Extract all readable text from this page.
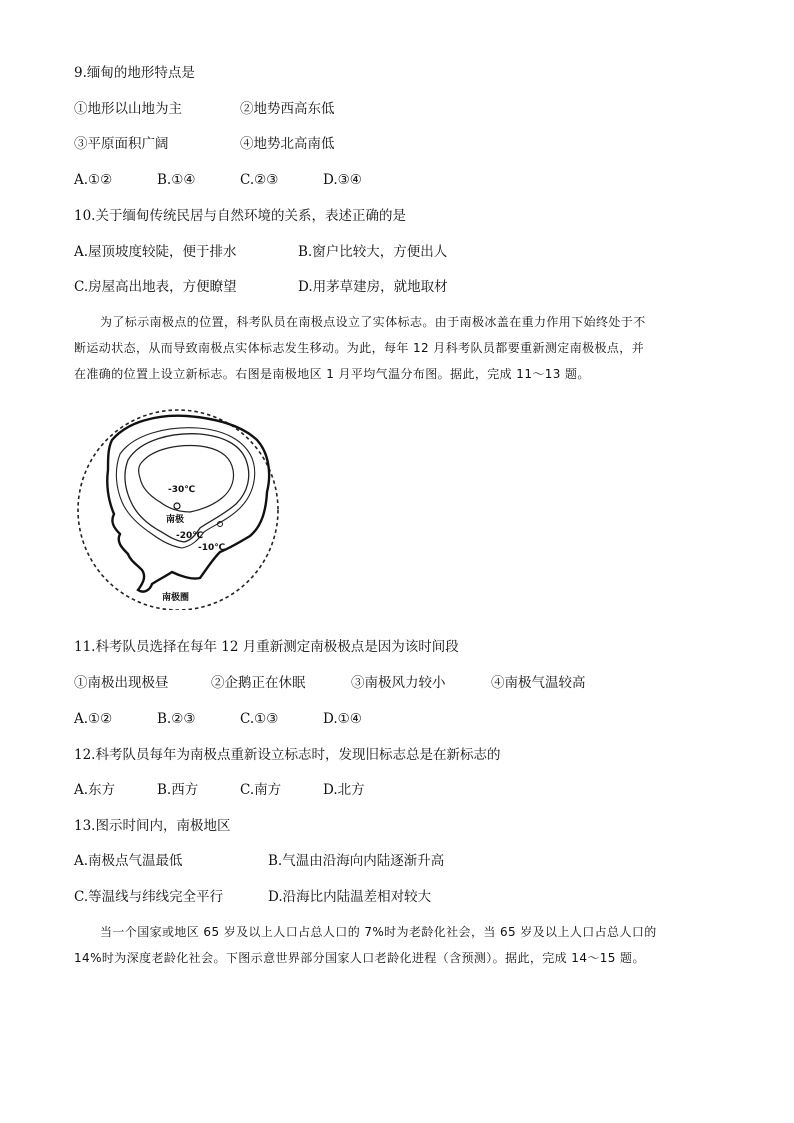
9.缅甸的地形特点是
①地形以山地为主	②地势西高东低
③平原面积广阔	④地势北高南低
A.①②	B.①④	C.②③	D.③④
10.关于缅甸传统民居与自然环境的关系，表述正确的是
A.屋顶坡度较陡，便于排水	B.窗户比较大，方便出人
C.房屋高出地表，方便瞭望	D.用茅草建房，就地取材

为了标示南极点的位置，科考队员在南极点设立了实体标志。由于南极冰盖在重力作用下始终处于不

断运动状态，从而导致南极点实体标志发生移动。为此，每年 12 月科考队员都要重新测定南极极点，并

在准确的位置上设立新标志。右图是南极地区 1 月平均气温分布图。据此，完成 11～13 题。

-30℃
南极
-20℃
-10℃
南极圈
11.科考队员选择在每年 12 月重新测定南极极点是因为该时间段
①南极出现极昼	②企鹅正在休眠	③南极风力较小	④南极气温较高
A.①②	B.②③	C.①③	D.①④
12.科考队员每年为南极点重新设立标志时，发现旧标志总是在新标志的
A.东方	B.西方	C.南方	D.北方
13.图示时间内，南极地区
A.南极点气温最低	B.气温由沿海向内陆逐渐升高
C.等温线与纬线完全平行	D.沿海比内陆温差相对较大

当一个国家或地区 65 岁及以上人口占总人口的 7%时为老龄化社会，当 65 岁及以上人口占总人口的

14%时为深度老龄化社会。下图示意世界部分国家人口老龄化进程（含预测）。据此，完成 14～15 题。
